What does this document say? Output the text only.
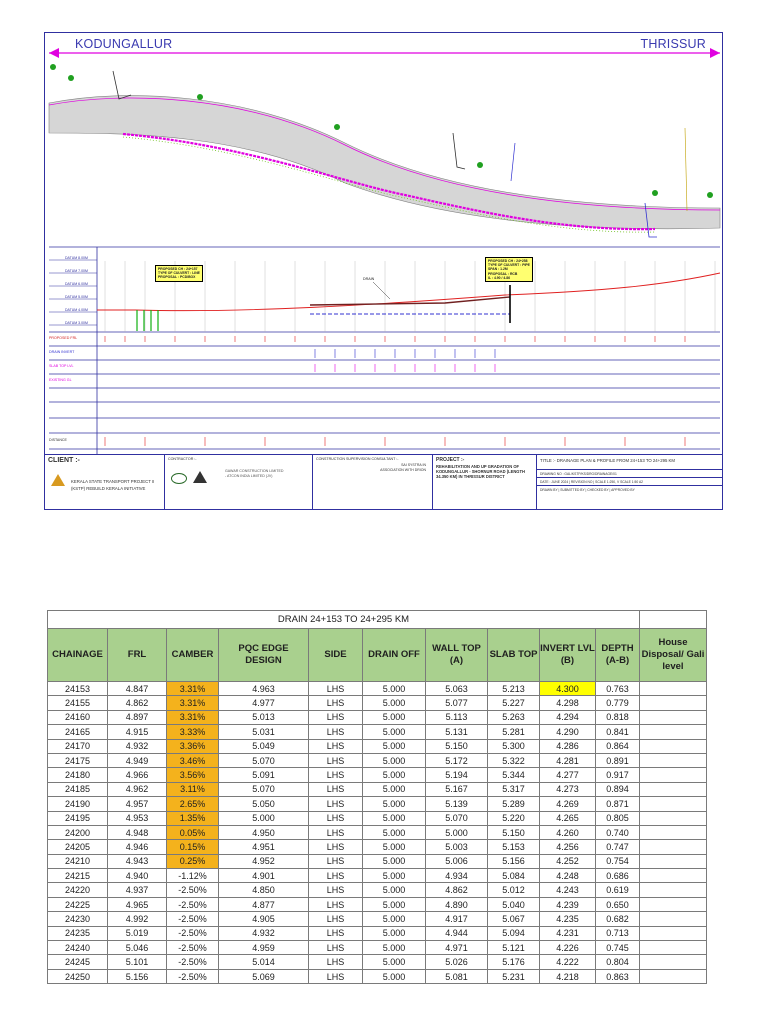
KODUNGALLUR	THRISSUR
DATUM 8.00M
DATUM 7.00M
DATUM 6.00M
DATUM 5.00M
DATUM 4.00M
DATUM 3.00M
PROPOSED FRL
DRAIN INVERT
SLAB TOP LVL
EXISTING GL
DISTANCE
DRAIN
PROPOSED CH : 24+157
TYPE OF CULVERT : LINE
PROPOSAL : PCD/BOX
PROPOSED CH : 24+258
TYPE OF CULVERT : PIPE
SPAN : 1.2M
PROPOSAL : RCB
IL : 4.90 / 4.86
CLIENT :-
KERALA STATE TRANSPORT PROJECT II
(KSTP) REBUILD KERALA INITIATIVE
CONTRACTOR :-
GAWAR CONSTRUCTION LIMITED
- ATCON INDIA LIMITED (JV)
CONSTRUCTION SUPERVISION CONSULTANT :-
SAI SYSTRA IN
ASSOCIATION WITH DRION
PROJECT :-
REHABILITATION AND UP GRADATION OF KODUNGALLUR - SHORNUR ROAD (LENGTH 34.350 KM) IN THRISSUR DISTRICT
TITLE :- DRAINAGE PLAN & PROFILE FROM 24+153 TO 24+295 KM
DRAWING NO : GAL/KSTP/KS/DRG/DRAINAGE/01
DATE : JUNE 2024 | REVISION NO | SCALE 1:250, V SCALE 1:50 A2
DRAWN BY | SUBMITTED BY | CHECKED BY | APPROVED BY
DRAIN 24+153 TO 24+295 KM										
CHAINAGE	FRL	CAMBER	PQC EDGE DESIGN	SIDE	DRAIN OFF	WALL TOP (A)	SLAB TOP	INVERT LVL (B)	DEPTH (A-B)	House Disposal/ Gali level
24153	4.847	3.31%	4.963	LHS	5.000	5.063	5.213	4.300	0.763	
24155	4.862	3.31%	4.977	LHS	5.000	5.077	5.227	4.298	0.779	
24160	4.897	3.31%	5.013	LHS	5.000	5.113	5.263	4.294	0.818	
24165	4.915	3.33%	5.031	LHS	5.000	5.131	5.281	4.290	0.841	
24170	4.932	3.36%	5.049	LHS	5.000	5.150	5.300	4.286	0.864	
24175	4.949	3.46%	5.070	LHS	5.000	5.172	5.322	4.281	0.891	
24180	4.966	3.56%	5.091	LHS	5.000	5.194	5.344	4.277	0.917	
24185	4.962	3.11%	5.070	LHS	5.000	5.167	5.317	4.273	0.894	
24190	4.957	2.65%	5.050	LHS	5.000	5.139	5.289	4.269	0.871	
24195	4.953	1.35%	5.000	LHS	5.000	5.070	5.220	4.265	0.805	
24200	4.948	0.05%	4.950	LHS	5.000	5.000	5.150	4.260	0.740	
24205	4.946	0.15%	4.951	LHS	5.000	5.003	5.153	4.256	0.747	
24210	4.943	0.25%	4.952	LHS	5.000	5.006	5.156	4.252	0.754	
24215	4.940	-1.12%	4.901	LHS	5.000	4.934	5.084	4.248	0.686	
24220	4.937	-2.50%	4.850	LHS	5.000	4.862	5.012	4.243	0.619	
24225	4.965	-2.50%	4.877	LHS	5.000	4.890	5.040	4.239	0.650	
24230	4.992	-2.50%	4.905	LHS	5.000	4.917	5.067	4.235	0.682	
24235	5.019	-2.50%	4.932	LHS	5.000	4.944	5.094	4.231	0.713	
24240	5.046	-2.50%	4.959	LHS	5.000	4.971	5.121	4.226	0.745	
24245	5.101	-2.50%	5.014	LHS	5.000	5.026	5.176	4.222	0.804	
24250	5.156	-2.50%	5.069	LHS	5.000	5.081	5.231	4.218	0.863	
